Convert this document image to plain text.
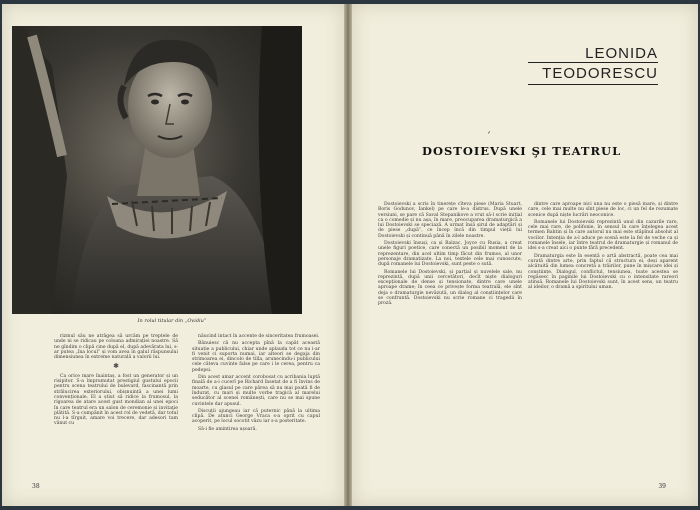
In rolul titular din „Ovidiu”

rizmul său ne atrăgea să urcăm pe treptele de unde ni se ridicau pe coloana admirației noastre. Să ne gîndim o clipă cine după el, după adevărata lui, s-ar putea „îna locul” și vom avea în galul răspunsului dimensiunea în extreme naturală a valorii lui.

✱

Ca orice mare înaintaș, a fost un generator și un risipitor. S-a împrumutat prestigiul gustului epocii pentru scena teatrului de bulevard, fascinantă prin strălucirea exteriorului, obișnuință a unei lumi convenționale. El a știut să ridice la frumosul, la rigoarea de atare acest gust mondian al unei epoci în care teatrul era un salon de ceremonie și invitaţie plătită. S-a cumpănit în acest rol de vedetă, dar totul nu l-a tîrguit, amare voi trecere, dar adesori tam vănut cu

năucind intact în accente de sinceritatea frumoasei.

Bănuiesc că nu accepta pînă la capăt această situație a publicului, chiar unde aplauda tot ce nu i-ar fi venit ci suporta numai, iar alteori se degaja din strimoarea ei, dincolo de tilla, arunecindu-i publicului cele câteva cuvinte false pe care i le cerea, pentru ca pedepsi.

Din acest amar accent corobosat cu acribania luptă finală de a-i cucerî pe Richard însetat de a fi învins de moarte, cu glasul pe care părea să nu mai poată fi de îndurat, cu mari și multe vorbe tragică al marelui seducător al scenei românești, care nu se mai spune cuvintele dar apusul.

Discuții ajungeau iar că puternic până la ultima clipă. De atunci George Vraca s-a oprit cu capul acoperit, pe locul socotit văzu iar s-a posteritate.

Să-i fie amintirea ușoară.

38
LEONIDA
TEODORESCU
´
DOSTOIEVSKI ŞI TEATRUL

Dostoievski a scris în tinerețe cîteva piese (Maria Stuart, Boris Godunov, Iankel) pe care le-a distrus. După unele versiuni, se pare că Saval Stepanikove a vrut să-l scrie inițial ca o comedie și nu așa, în mare, preocuparea dramaturgică a lui Dostoievski se speciază. A urmat însă șirul de adaptări și de piese „după”, ce încep încă din timpul vieții lui Dostoievski și continuă până în zilele noastre.

Dostoievski însuși, ca și Balzac, Joyce cu Rusia, a creat unele figuri poetice, care conectă un posibil moment de la reprezentare, din acel ultim timp făcut din frumos, al unor personaje dramatizate. La noi, textele cele mai cunoscute, după romanele lui Dostoievski, sunt peste o sută.

Romanele lui Dostoievski, și parțial și nuvelele sale, nu reprezintă, după unii cercetători, decît niște dialoguri excepționale de dense și tensionate, dintre care unele aproape drame; în ceea ce privește forma teatrală, ele sînt deja o dramaturgie nevăzută, un dialog al conștiințelor care se confruntă. Dostoievski nu scrie romane ci tragedii în proză.

dintre care aproape nici una nu este o piesă mare, și dintre care, cele mai multe nu sînt piese de loc, ci un fel de rezumate scenice după niște lucrări neoconice.

Romanele lui Dostoievski reprezintă unul din cazurile rare, cele mai rare, de polifonie, în sensul în care înțelegea acest termen Bahtin și în care autorul nu mai este stăpînul absolut al vocilor. Intenția de a-l aduce pe scenă este la fel de veche ca și romanele însele, iar între teatrul de dramaturgie și romanul de idei s-a creat aici o punte fără precedent.

Dramaturgia este în esență o artă abstractă, poate cea mai curată dintre arte, prin faptul că structura ei, deși aparent alcătuită din lumea concretă a trăirilor, pune în mișcare idei și conștiințe. Dialogul, conflictul, tensiunea, toate acestea se regăsesc în paginile lui Dostoievski cu o intensitate rareori atinsă. Romanele lui Dostoievski sunt, în acest sens, un teatru al ideilor, o dramă a spiritului uman.

39
